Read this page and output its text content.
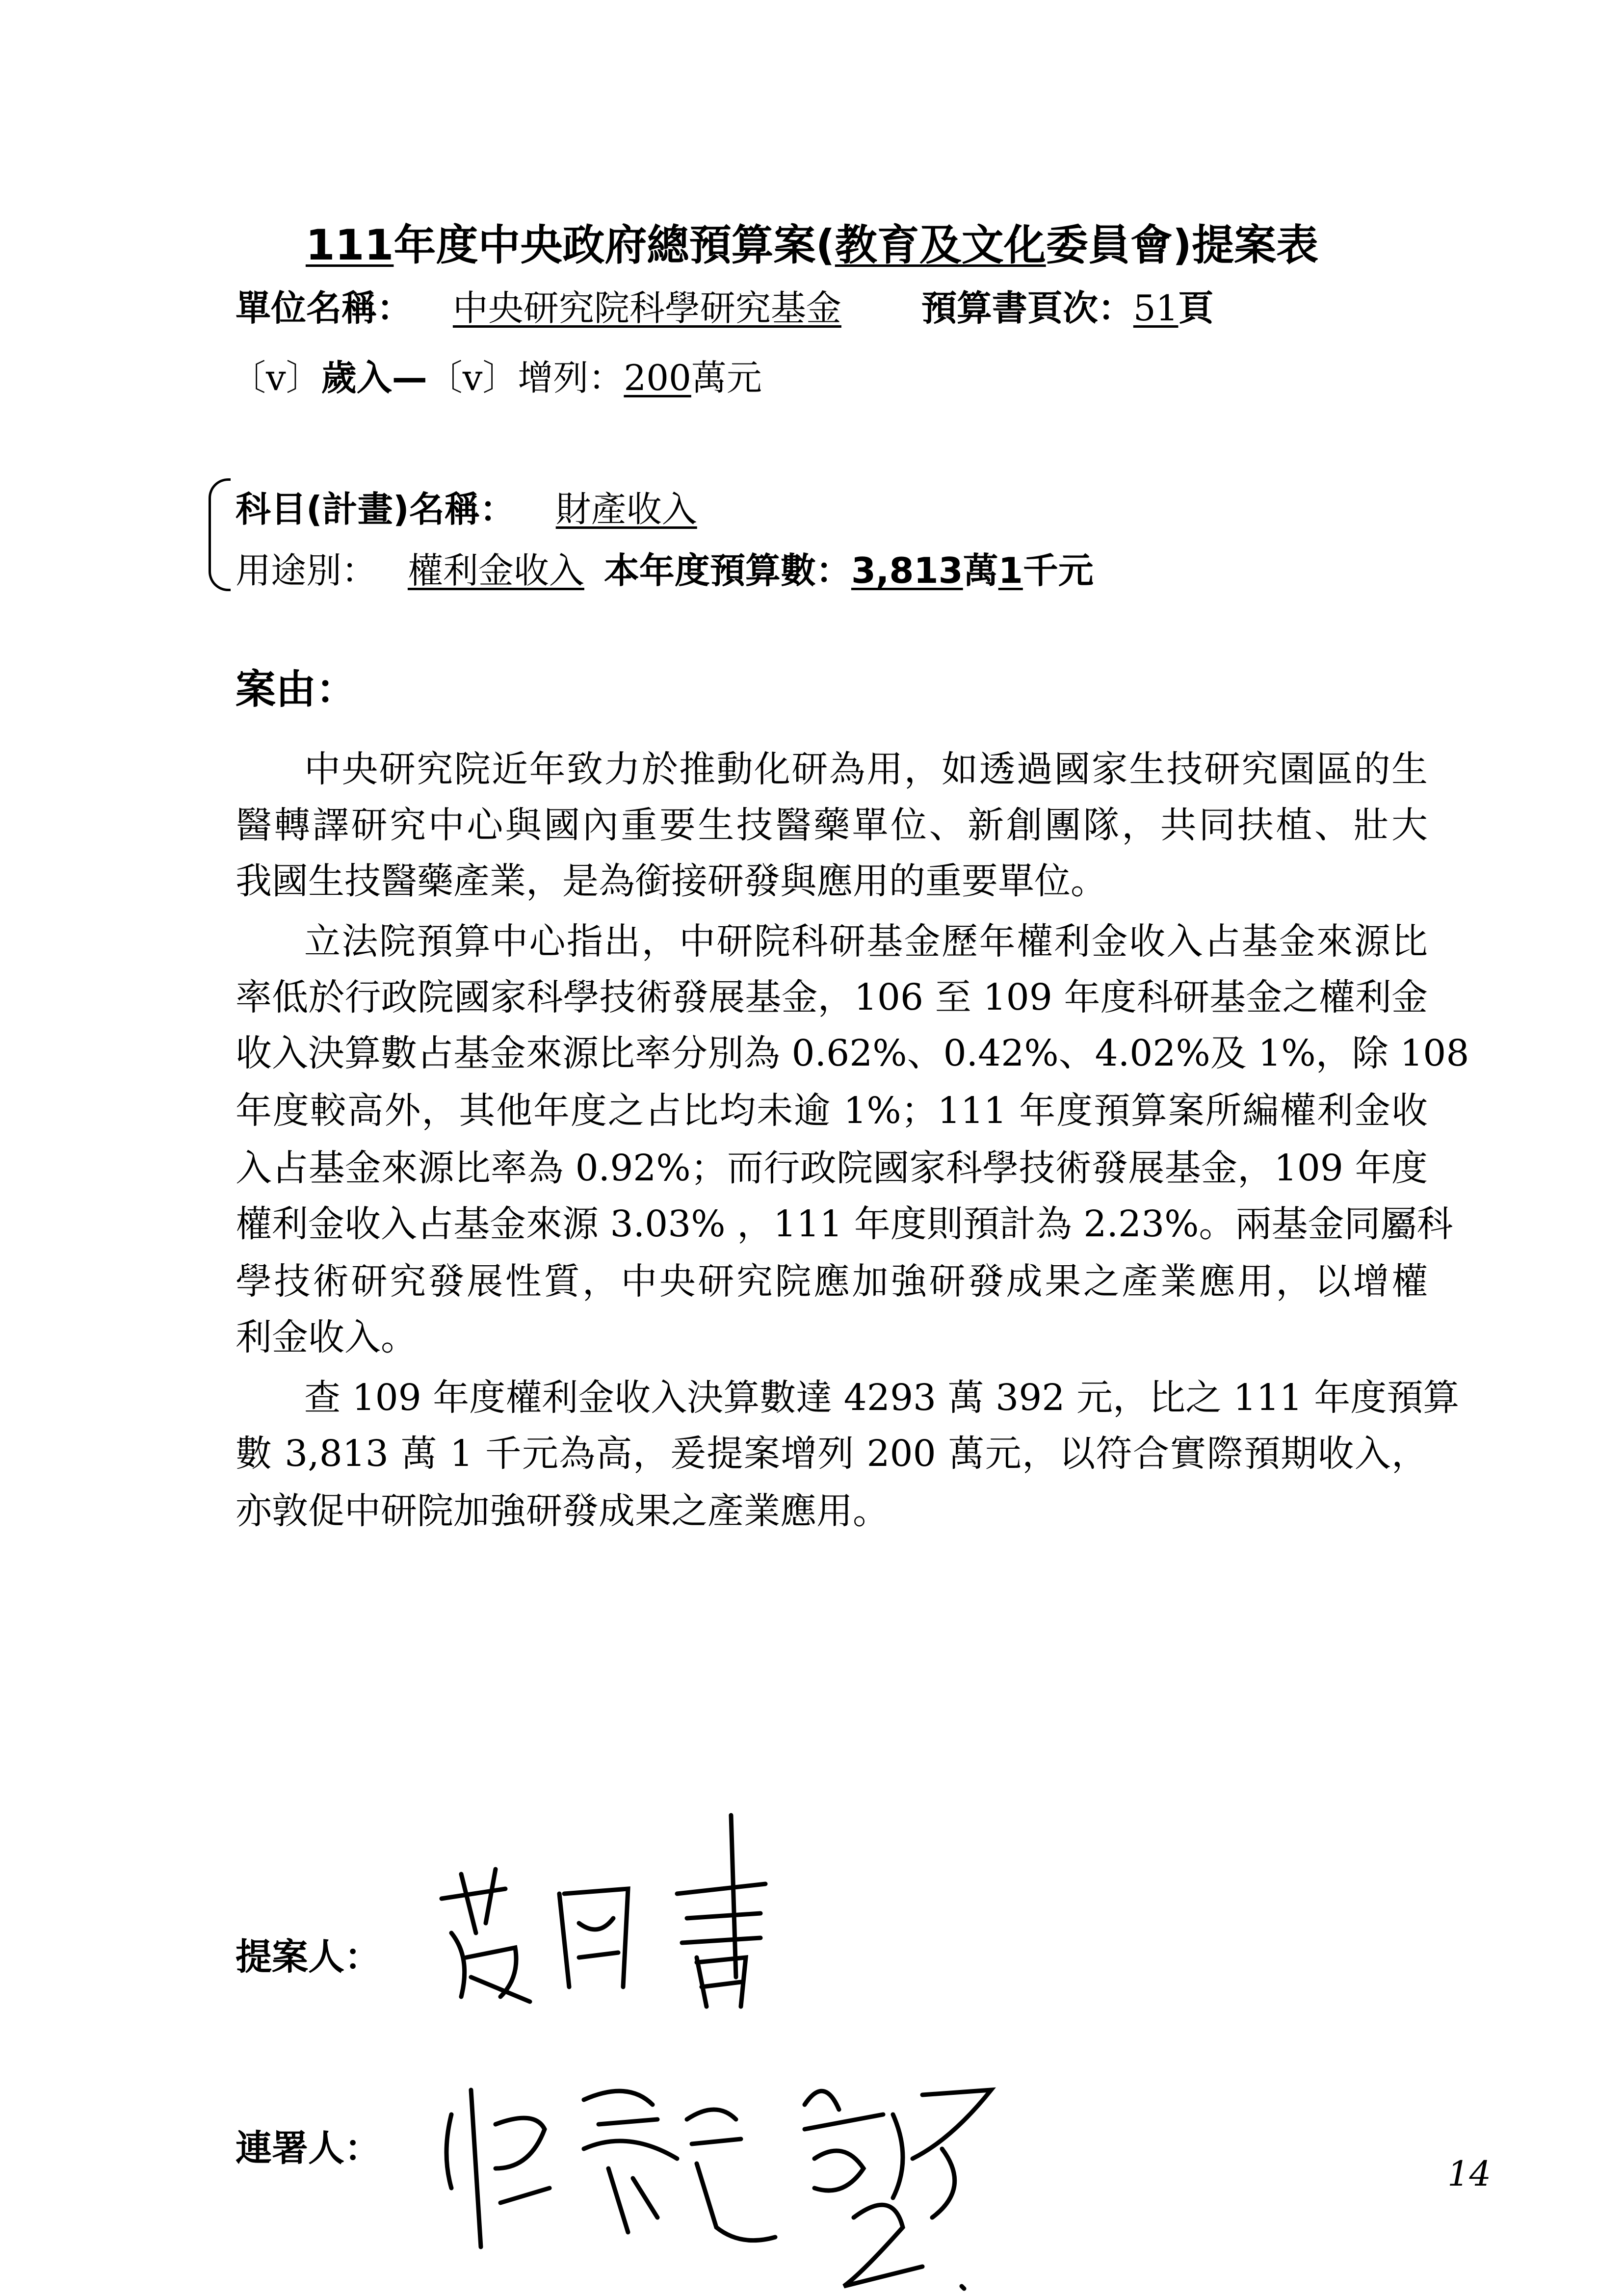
111年度中央政府總預算案(教育及文化委員會)提案表
單位名稱： 中央研究院科學研究基金 預算書頁次：51頁
〔v〕歲入—〔v〕增列：200萬元
科目(計畫)名稱： 財產收入
用途別： 權利金收入 本年度預算數：3,813萬1千元
案由：
中央研究院近年致力於推動化研為用，如透過國家生技研究園區的生
醫轉譯研究中心與國內重要生技醫藥單位、新創團隊，共同扶植、壯大
我國生技醫藥產業，是為銜接研發與應用的重要單位。
立法院預算中心指出，中研院科研基金歷年權利金收入占基金來源比
率低於行政院國家科學技術發展基金，106 至 109 年度科研基金之權利金
收入決算數占基金來源比率分別為 0.62%、0.42%、4.02%及 1%，除 108
年度較高外，其他年度之占比均未逾 1%；111 年度預算案所編權利金收
入占基金來源比率為 0.92%；而行政院國家科學技術發展基金，109 年度
權利金收入占基金來源 3.03% ，111 年度則預計為 2.23%。兩基金同屬科
學技術研究發展性質，中央研究院應加強研發成果之產業應用，以增權
利金收入。
查 109 年度權利金收入決算數達 4293 萬 392 元，比之 111 年度預算
數 3,813 萬 1 千元為高，爰提案增列 200 萬元，以符合實際預期收入，
亦敦促中研院加強研發成果之產業應用。
提案人：
連署人：
14
